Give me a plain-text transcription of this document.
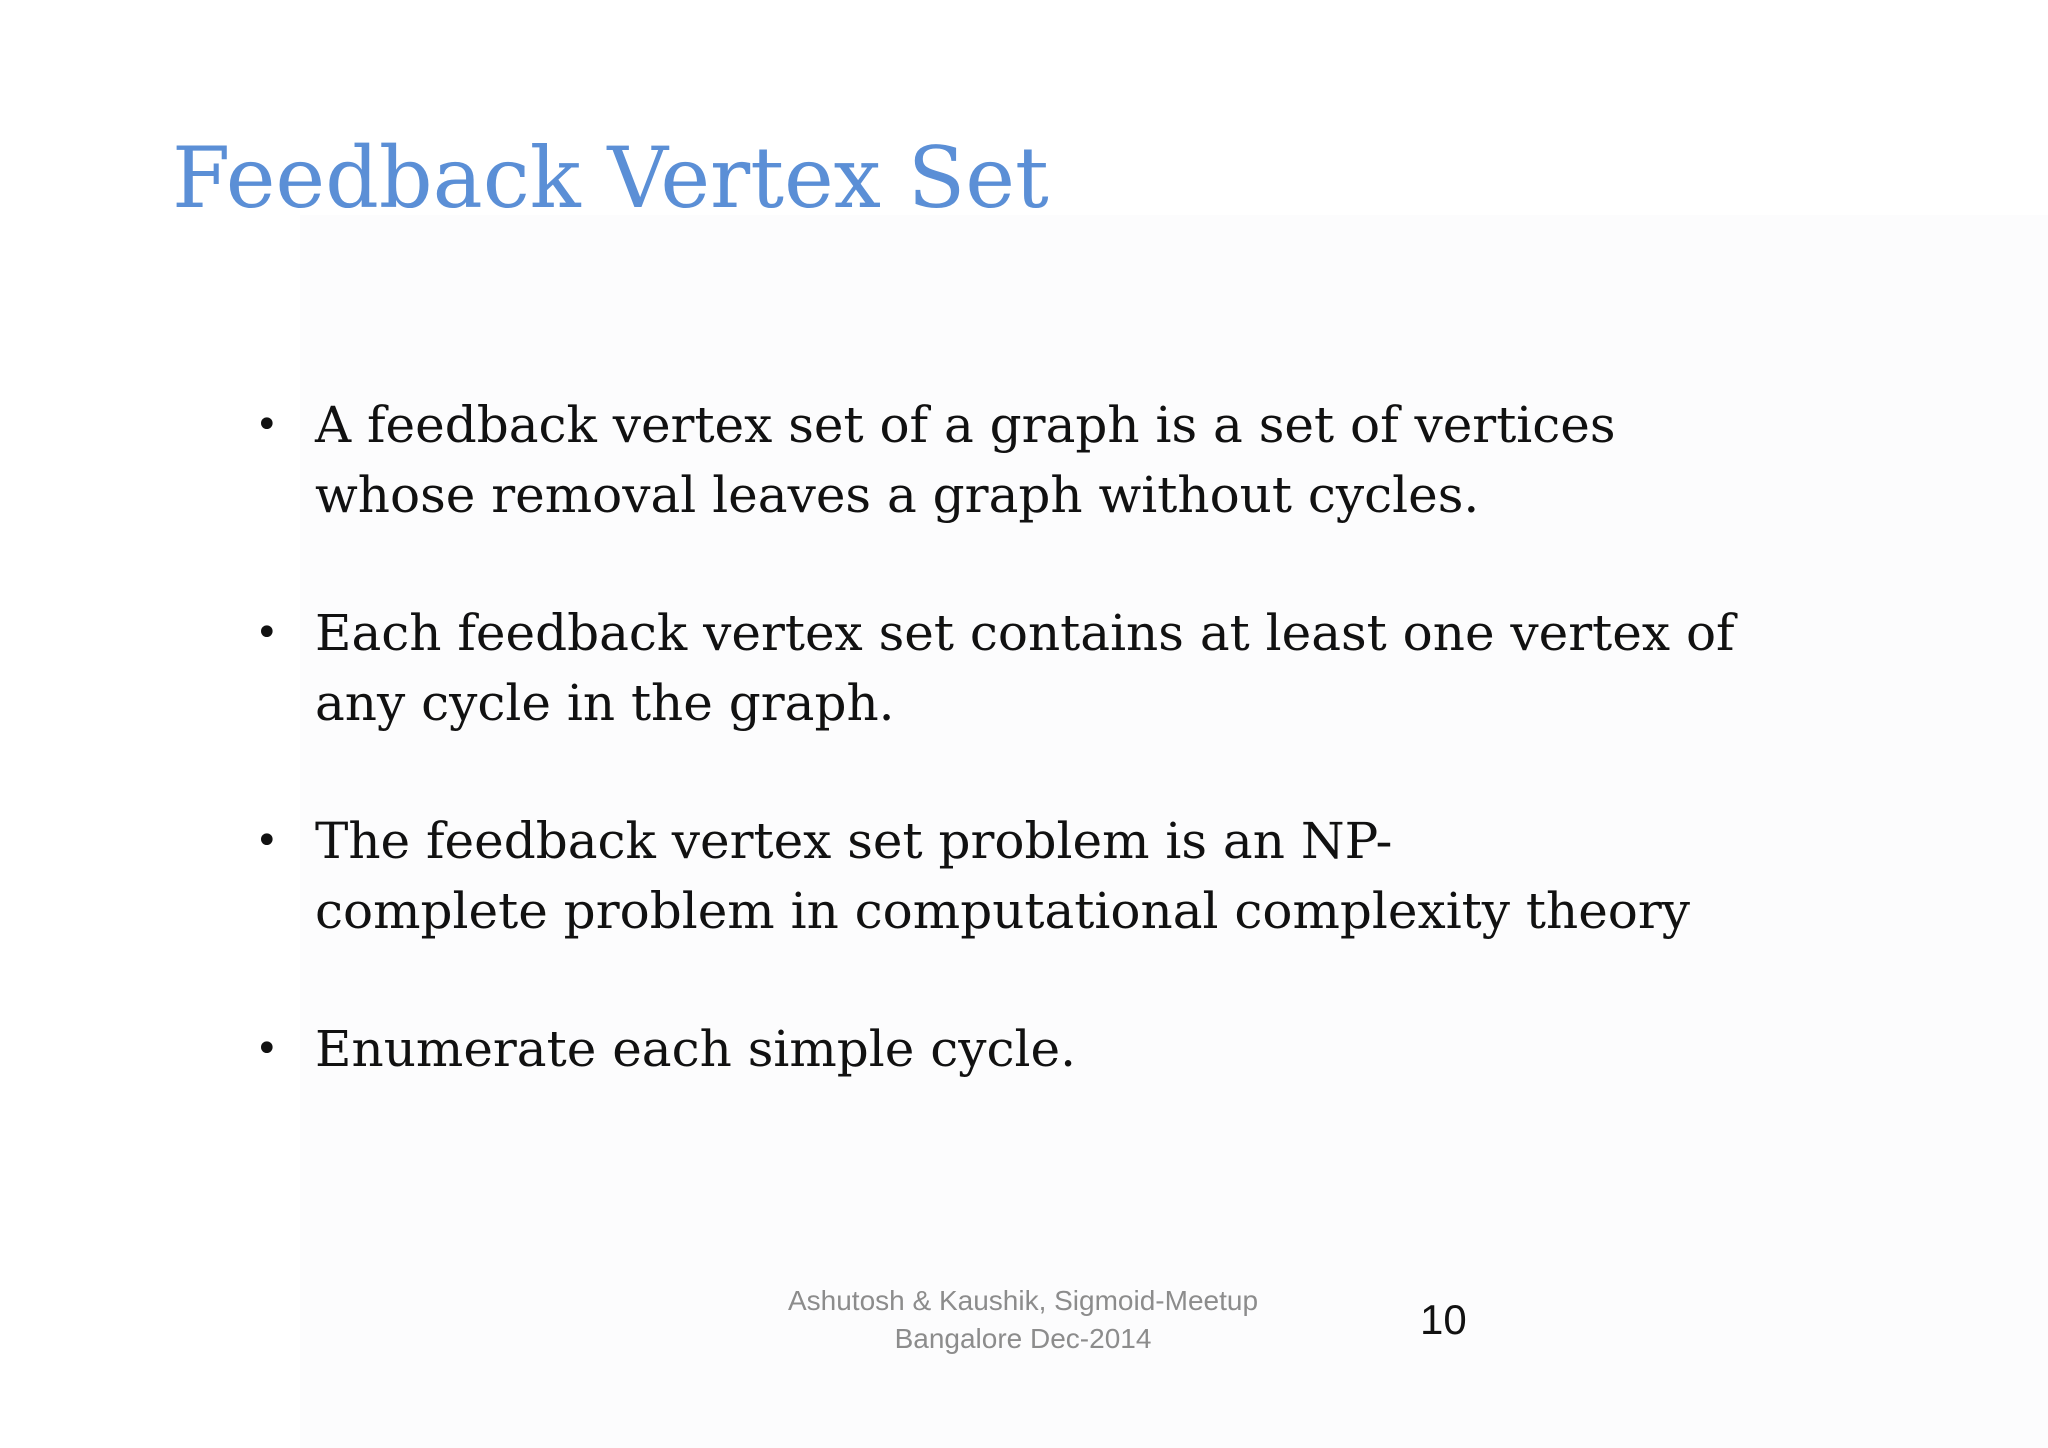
Feedback Vertex Set
• A feedback vertex set of a graph is a set of vertices
whose removal leaves a graph without cycles.
• Each feedback vertex set contains at least one vertex of
any cycle in the graph.
• The feedback vertex set problem is an NP-
complete problem in computational complexity theory
• Enumerate each simple cycle.
Ashutosh & Kaushik, Sigmoid-Meetup
Bangalore Dec-2014	10
